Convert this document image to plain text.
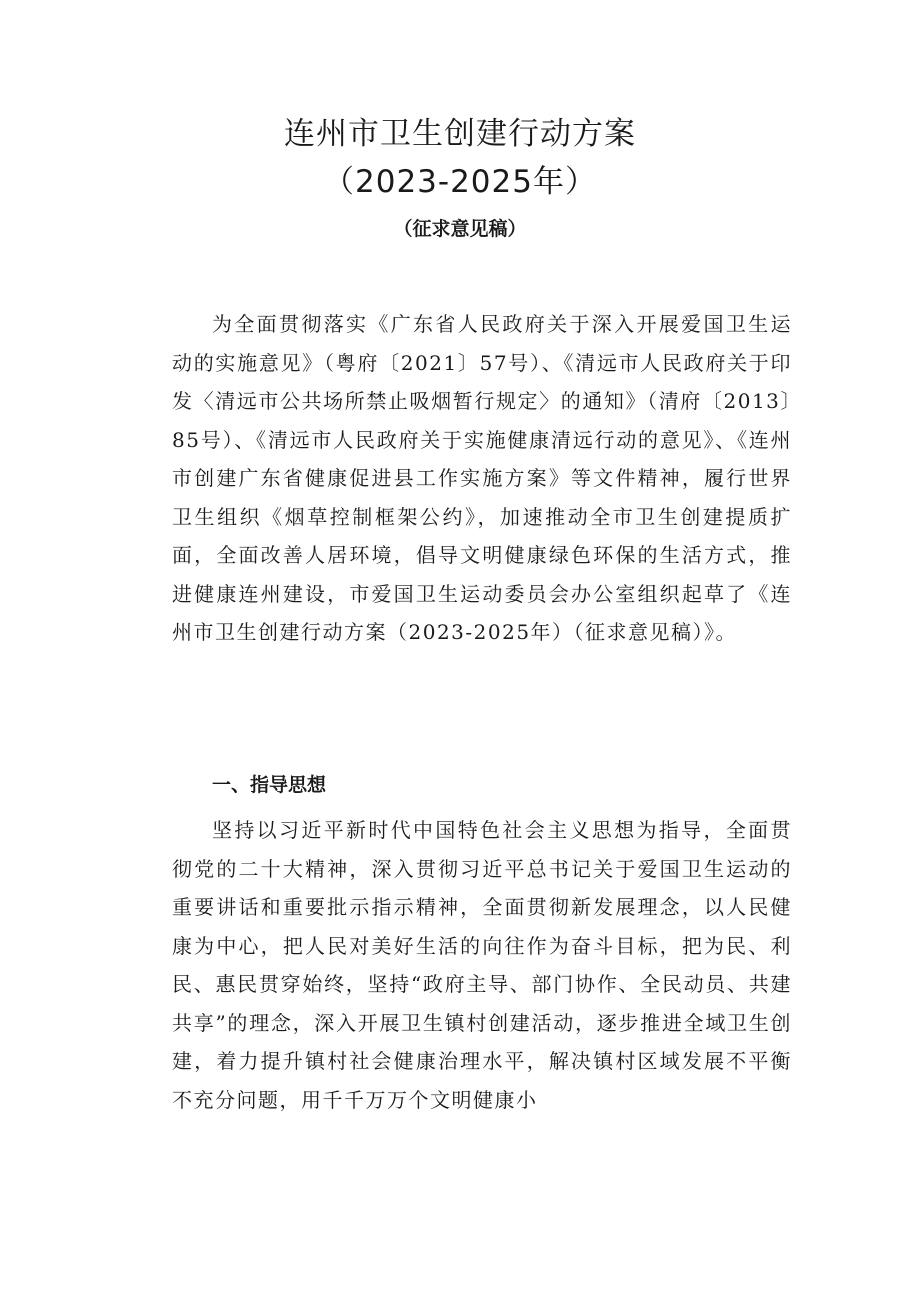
连州市卫生创建行动方案
（2023-2025年）
（征求意见稿）

为全面贯彻落实《广东省人民政府关于深入开展爱国卫生运动的实施意见》（粤府〔2021〕57号）、《清远市人民政府关于印发〈清远市公共场所禁止吸烟暂行规定〉的通知》（清府〔2013〕85号）、《清远市人民政府关于实施健康清远行动的意见》、《连州市创建广东省健康促进县工作实施方案》等文件精神，履行世界卫生组织《烟草控制框架公约》，加速推动全市卫生创建提质扩面，全面改善人居环境，倡导文明健康绿色环保的生活方式，推进健康连州建设，市爱国卫生运动委员会办公室组织起草了《连州市卫生创建行动方案（2023-2025年）（征求意见稿）》。

一、指导思想

坚持以习近平新时代中国特色社会主义思想为指导，全面贯彻党的二十大精神，深入贯彻习近平总书记关于爱国卫生运动的重要讲话和重要批示指示精神，全面贯彻新发展理念，以人民健康为中心，把人民对美好生活的向往作为奋斗目标，把为民、利民、惠民贯穿始终，坚持“政府主导、部门协作、全民动员、共建共享”的理念，深入开展卫生镇村创建活动，逐步推进全域卫生创建，着力提升镇村社会健康治理水平，解决镇村区域发展不平衡不充分问题，用千千万万个文明健康小
